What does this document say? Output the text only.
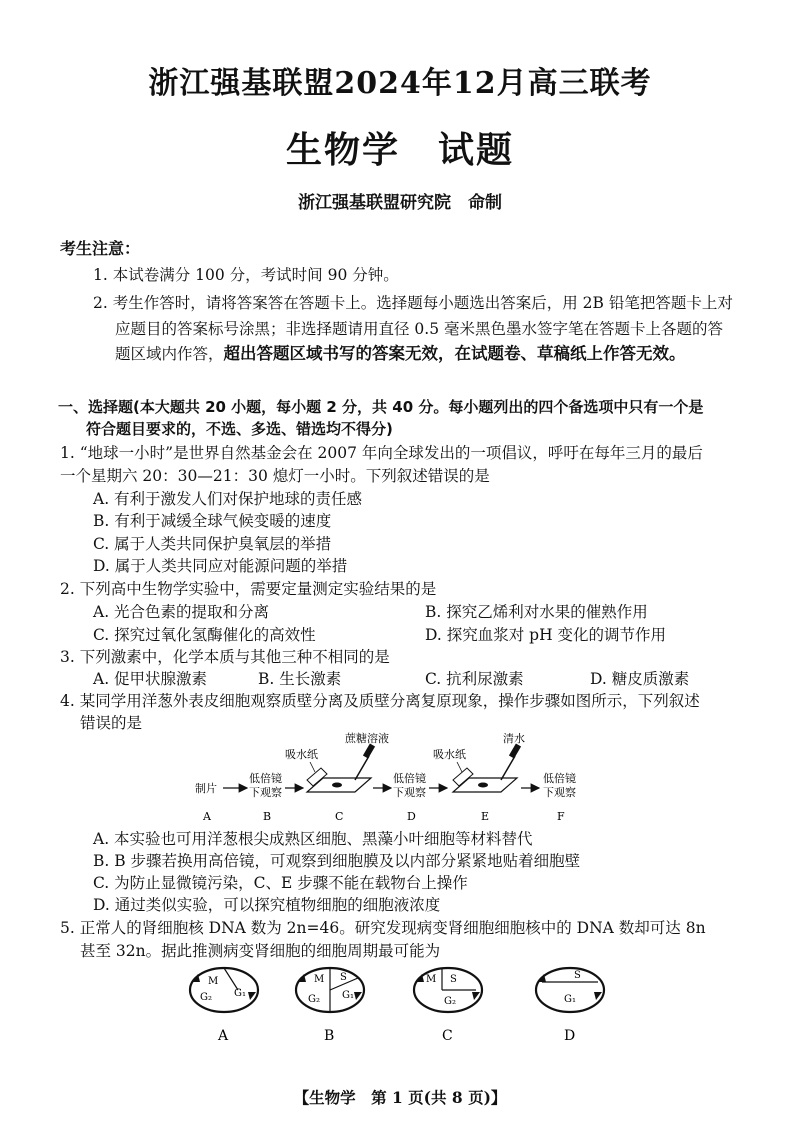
浙江强基联盟2024年12月高三联考
生物学　试题
浙江强基联盟研究院　命制
考生注意：
1. 本试卷满分 100 分，考试时间 90 分钟。
2. 考生作答时，请将答案答在答题卡上。选择题每小题选出答案后，用 2B 铅笔把答题卡上对
应题目的答案标号涂黑；非选择题请用直径 0.5 毫米黑色墨水签字笔在答题卡上各题的答
题区域内作答，超出答题区域书写的答案无效，在试题卷、草稿纸上作答无效。
一、选择题(本大题共 20 小题，每小题 2 分，共 40 分。每小题列出的四个备选项中只有一个是
符合题目要求的，不选、多选、错选均不得分)
1. “地球一小时”是世界自然基金会在 2007 年向全球发出的一项倡议，呼吁在每年三月的最后
一个星期六 20：30—21：30 熄灯一小时。下列叙述错误的是
A. 有利于激发人们对保护地球的责任感
B. 有利于减缓全球气候变暖的速度
C. 属于人类共同保护臭氧层的举措
D. 属于人类共同应对能源问题的举措
2. 下列高中生物学实验中，需要定量测定实验结果的是
A. 光合色素的提取和分离	B. 探究乙烯利对水果的催熟作用
C. 探究过氧化氢酶催化的高效性	D. 探究血浆对 pH 变化的调节作用
3. 下列激素中，化学本质与其他三种不相同的是
A. 促甲状腺激素	B. 生长激素	C. 抗利尿激素	D. 糖皮质激素
4. 某同学用洋葱外表皮细胞观察质壁分离及质壁分离复原现象，操作步骤如图所示，下列叙述
错误的是
制片
低倍镜
下观察
吸水纸
蔗糖溶液
低倍镜
下观察
吸水纸
清水
低倍镜
下观察
A	B	C	D	E	F
A. 本实验也可用洋葱根尖成熟区细胞、黑藻小叶细胞等材料替代
B. B 步骤若换用高倍镜，可观察到细胞膜及以内部分紧紧地贴着细胞壁
C. 为防止显微镜污染，C、E 步骤不能在载物台上操作
D. 通过类似实验，可以探究植物细胞的细胞液浓度
5. 正常人的肾细胞核 DNA 数为 2n=46。研究发现病变肾细胞细胞核中的 DNA 数却可达 8n
甚至 32n。据此推测病变肾细胞的细胞周期最可能为
M
G₁
G₂
A
M S
G₁
G₂
B
M S
G₂
C
S
G₁
D
【生物学　第 1 页(共 8 页)】
